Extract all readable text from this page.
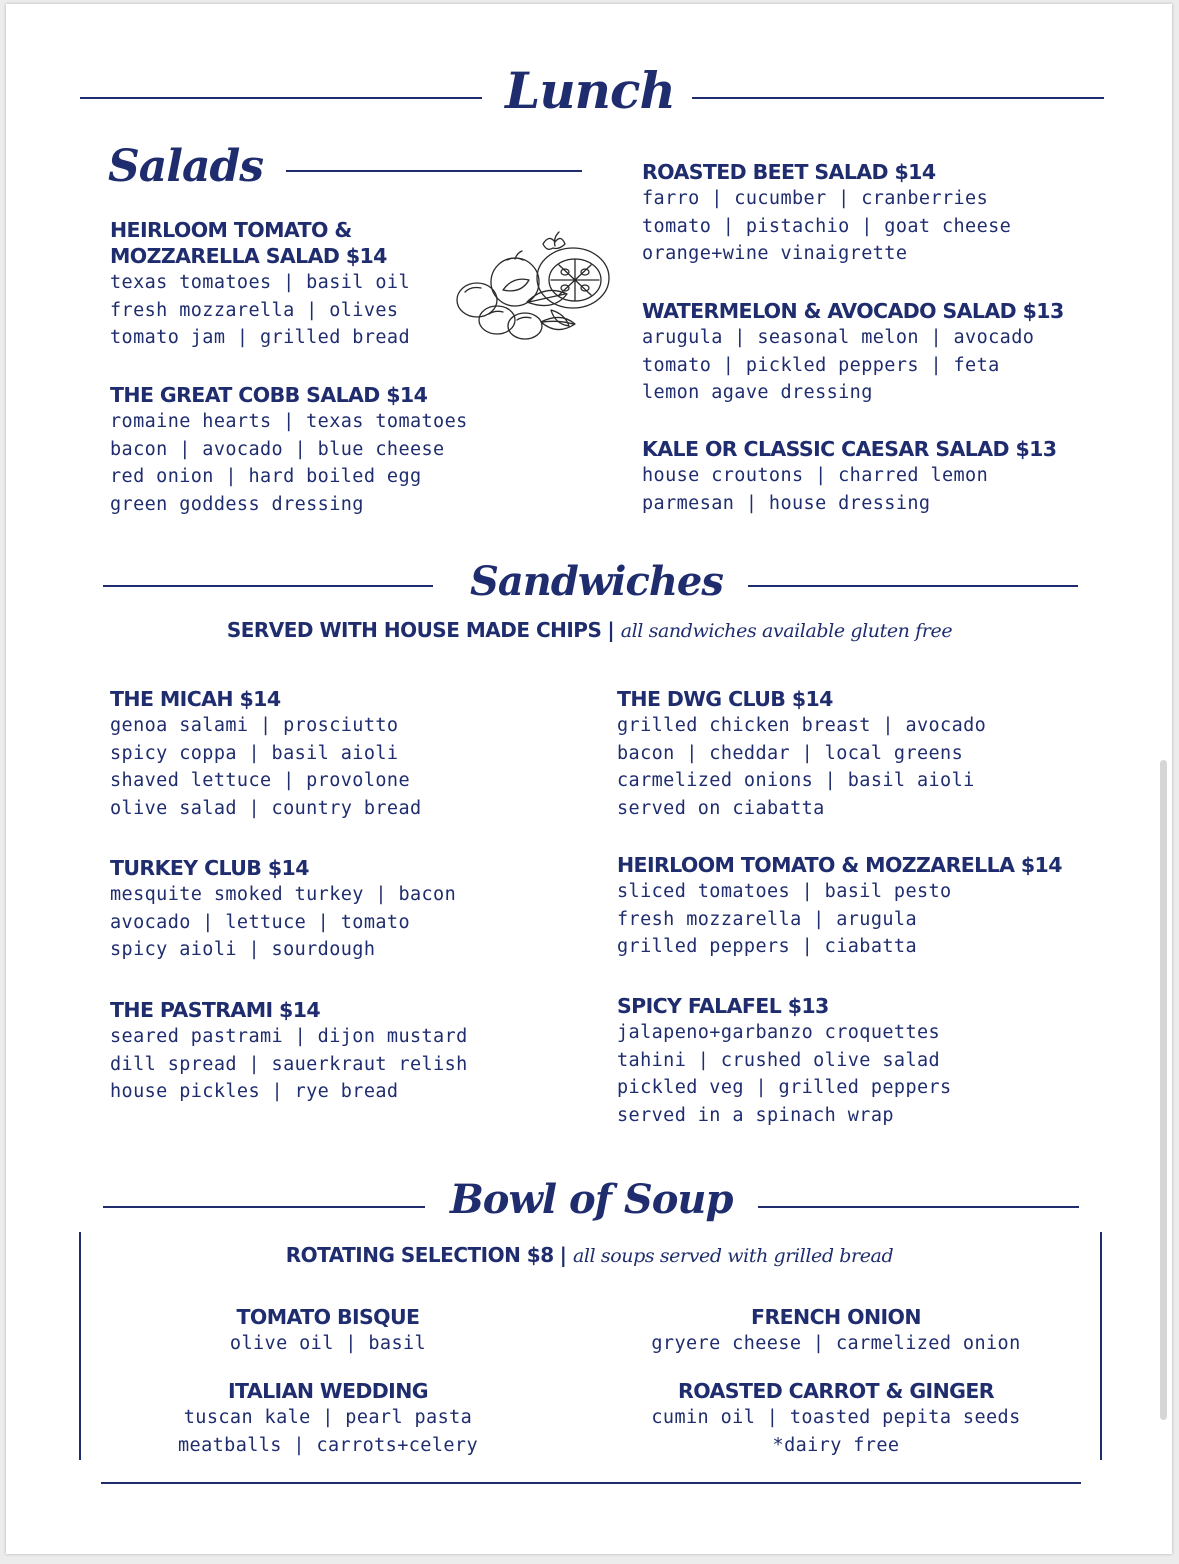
Lunch
Salads
HEIRLOOM TOMATO &
MOZZARELLA SALAD $14
texas tomatoes | basil oil
fresh mozzarella | olives
tomato jam | grilled bread
THE GREAT COBB SALAD $14
romaine hearts | texas tomatoes
bacon | avocado | blue cheese
red onion | hard boiled egg
green goddess dressing
ROASTED BEET SALAD $14
farro | cucumber | cranberries
tomato | pistachio | goat cheese
orange+wine vinaigrette
WATERMELON & AVOCADO SALAD $13
arugula | seasonal melon | avocado
tomato | pickled peppers | feta
lemon agave dressing
KALE OR CLASSIC CAESAR SALAD $13
house croutons | charred lemon
parmesan | house dressing
Sandwiches
SERVED WITH HOUSE MADE CHIPS | all sandwiches available gluten free
THE MICAH $14
genoa salami | prosciutto
spicy coppa | basil aioli
shaved lettuce | provolone
olive salad | country bread
TURKEY CLUB $14
mesquite smoked turkey | bacon
avocado | lettuce | tomato
spicy aioli | sourdough
THE PASTRAMI $14
seared pastrami | dijon mustard
dill spread | sauerkraut relish
house pickles | rye bread
THE DWG CLUB $14
grilled chicken breast | avocado
bacon | cheddar | local greens
carmelized onions | basil aioli
served on ciabatta
HEIRLOOM TOMATO & MOZZARELLA $14
sliced tomatoes | basil pesto
fresh mozzarella | arugula
grilled peppers | ciabatta
SPICY FALAFEL $13
jalapeno+garbanzo croquettes
tahini | crushed olive salad
pickled veg | grilled peppers
served in a spinach wrap
Bowl of Soup
ROTATING SELECTION $8 | all soups served with grilled bread
TOMATO BISQUE
olive oil | basil
ITALIAN WEDDING
tuscan kale | pearl pasta
meatballs | carrots+celery
FRENCH ONION
gryere cheese | carmelized onion
ROASTED CARROT & GINGER
cumin oil | toasted pepita seeds
*dairy free
